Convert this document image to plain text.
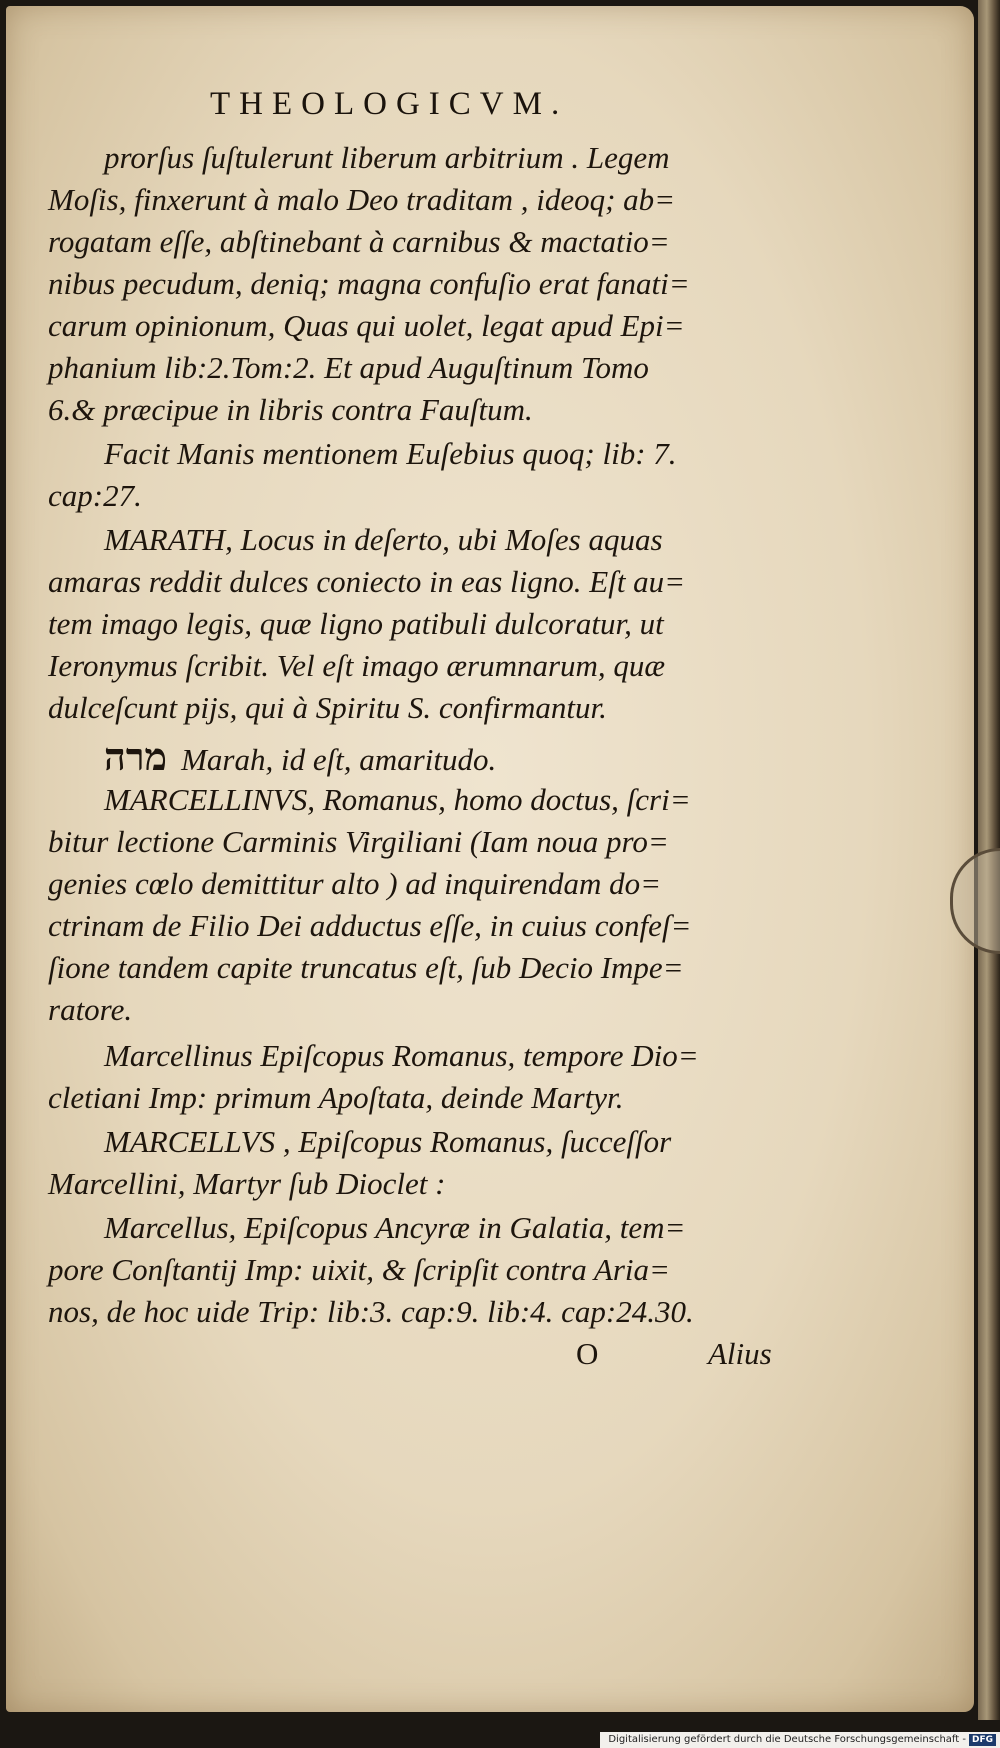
THEOLOGICVM.
prorſus ſuſtulerunt liberum arbitrium . Legem
Moſis, finxerunt à malo Deo traditam , ideoq; ab=
rogatam eſſe, abſtinebant à carnibus & mactatio=
nibus pecudum, deniq; magna confuſio erat fanati=
carum opinionum, Quas qui uolet, legat apud Epi=
phanium lib:2.Tom:2. Et apud Auguſtinum Tomo
6.& præcipue in libris contra Fauſtum.
Facit Manis mentionem Euſebius quoq; lib: 7.
cap:27.
MARATH, Locus in deſerto, ubi Moſes aquas
amaras reddit dulces coniecto in eas ligno. Eſt au=
tem imago legis, quæ ligno patibuli dulcoratur, ut
Ieronymus ſcribit. Vel eſt imago ærumnarum, quæ
dulceſcunt pijs, qui à Spiritu S. confirmantur.
מרה Marah, id eſt, amaritudo.
MARCELLINVS, Romanus, homo doctus, ſcri=
bitur lectione Carminis Virgiliani (Iam noua pro=
genies cœlo demittitur alto ) ad inquirendam do=
ctrinam de Filio Dei adductus eſſe, in cuius confeſ=
ſione tandem capite truncatus eſt, ſub Decio Impe=
ratore.
Marcellinus Epiſcopus Romanus, tempore Dio=
cletiani Imp: primum Apoſtata, deinde Martyr.
MARCELLVS , Epiſcopus Romanus, ſucceſſor
Marcellini, Martyr ſub Dioclet :
Marcellus, Epiſcopus Ancyræ in Galatia, tem=
pore Conſtantij Imp: uixit, & ſcripſit contra Aria=
nos, de hoc uide Trip: lib:3. cap:9. lib:4. cap:24.30.
O	Alius
Digitalisierung gefördert durch die Deutsche Forschungsgemeinschaft - DFG
